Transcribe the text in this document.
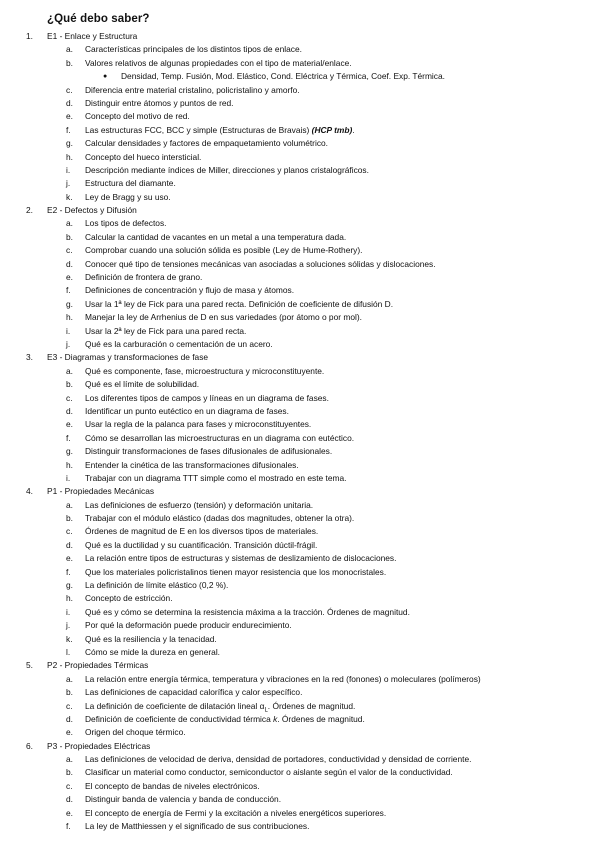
¿Qué debo saber?
1.	E1 - Enlace y Estructura
a.	Características principales de los distintos tipos de enlace.
b.	Valores relativos de algunas propiedades con el tipo de material/enlace.
● Densidad, Temp. Fusión, Mod. Elástico, Cond. Eléctrica y Térmica, Coef. Exp. Térmica.
c.	Diferencia entre material cristalino, policristalino y amorfo.
d.	Distinguir entre átomos y puntos de red.
e.	Concepto del motivo de red.
f.	Las estructuras FCC, BCC y simple (Estructuras de Bravais) (HCP tmb).
g.	Calcular densidades y factores de empaquetamiento volumétrico.
h.	Concepto del hueco intersticial.
i.	Descripción mediante índices de Miller, direcciones y planos cristalográficos.
j.	Estructura del diamante.
k.	Ley de Bragg y su uso.
2.	E2 - Defectos y Difusión
a.	Los tipos de defectos.
b.	Calcular la cantidad de vacantes en un metal a una temperatura dada.
c.	Comprobar cuando una solución sólida es posible (Ley de Hume-Rothery).
d.	Conocer qué tipo de tensiones mecánicas van asociadas a soluciones sólidas y dislocaciones.
e.	Definición de frontera de grano.
f.	Definiciones de concentración y flujo de masa y átomos.
g.	Usar la 1ª ley de Fick para una pared recta. Definición de coeficiente de difusión D.
h.	Manejar la ley de Arrhenius de D en sus variedades (por átomo o por mol).
i.	Usar la 2ª ley de Fick para una pared recta.
j.	Qué es la carburación o cementación de un acero.
3.	E3 - Diagramas y transformaciones de fase
a.	Qué es componente, fase, microestructura y microconstituyente.
b.	Qué es el límite de solubilidad.
c.	Los diferentes tipos de campos y líneas en un diagrama de fases.
d.	Identificar un punto eutéctico en un diagrama de fases.
e.	Usar la regla de la palanca para fases y microconstituyentes.
f.	Cómo se desarrollan las microestructuras en un diagrama con eutéctico.
g.	Distinguir transformaciones de fases difusionales de adifusionales.
h.	Entender la cinética de las transformaciones difusionales.
i.	Trabajar con un diagrama TTT simple como el mostrado en este tema.
4.	P1 - Propiedades Mecánicas
a.	Las definiciones de esfuerzo (tensión) y deformación unitaria.
b.	Trabajar con el módulo elástico (dadas dos magnitudes, obtener la otra).
c.	Órdenes de magnitud de E en los diversos tipos de materiales.
d.	Qué es la ductilidad y su cuantificación. Transición dúctil-frágil.
e.	La relación entre tipos de estructuras y sistemas de deslizamiento de dislocaciones.
f.	Que los materiales policristalinos tienen mayor resistencia que los monocristales.
g.	La definición de límite elástico (0,2 %).
h.	Concepto de estricción.
i.	Qué es y cómo se determina la resistencia máxima a la tracción. Órdenes de magnitud.
j.	Por qué la deformación puede producir endurecimiento.
k.	Qué es la resiliencia y la tenacidad.
l.	Cómo se mide la dureza en general.
5.	P2 - Propiedades Térmicas
a.	La relación entre energía térmica, temperatura y vibraciones en la red (fonones) o moleculares (polímeros)
b.	Las definiciones de capacidad calorífica y calor específico.
c.	La definición de coeficiente de dilatación lineal $\alpha_L$. Órdenes de magnitud.
d.	Definición de coeficiente de conductividad térmica k. Órdenes de magnitud.
e.	Origen del choque térmico.
6.	P3 - Propiedades Eléctricas
a.	Las definiciones de velocidad de deriva, densidad de portadores, conductividad y densidad de corriente.
b.	Clasificar un material como conductor, semiconductor o aislante según el valor de la conductividad.
c.	El concepto de bandas de niveles electrónicos.
d.	Distinguir banda de valencia y banda de conducción.
e.	El concepto de energía de Fermi y la excitación a niveles energéticos superiores.
f.	La ley de Matthiessen y el significado de sus contribuciones.
